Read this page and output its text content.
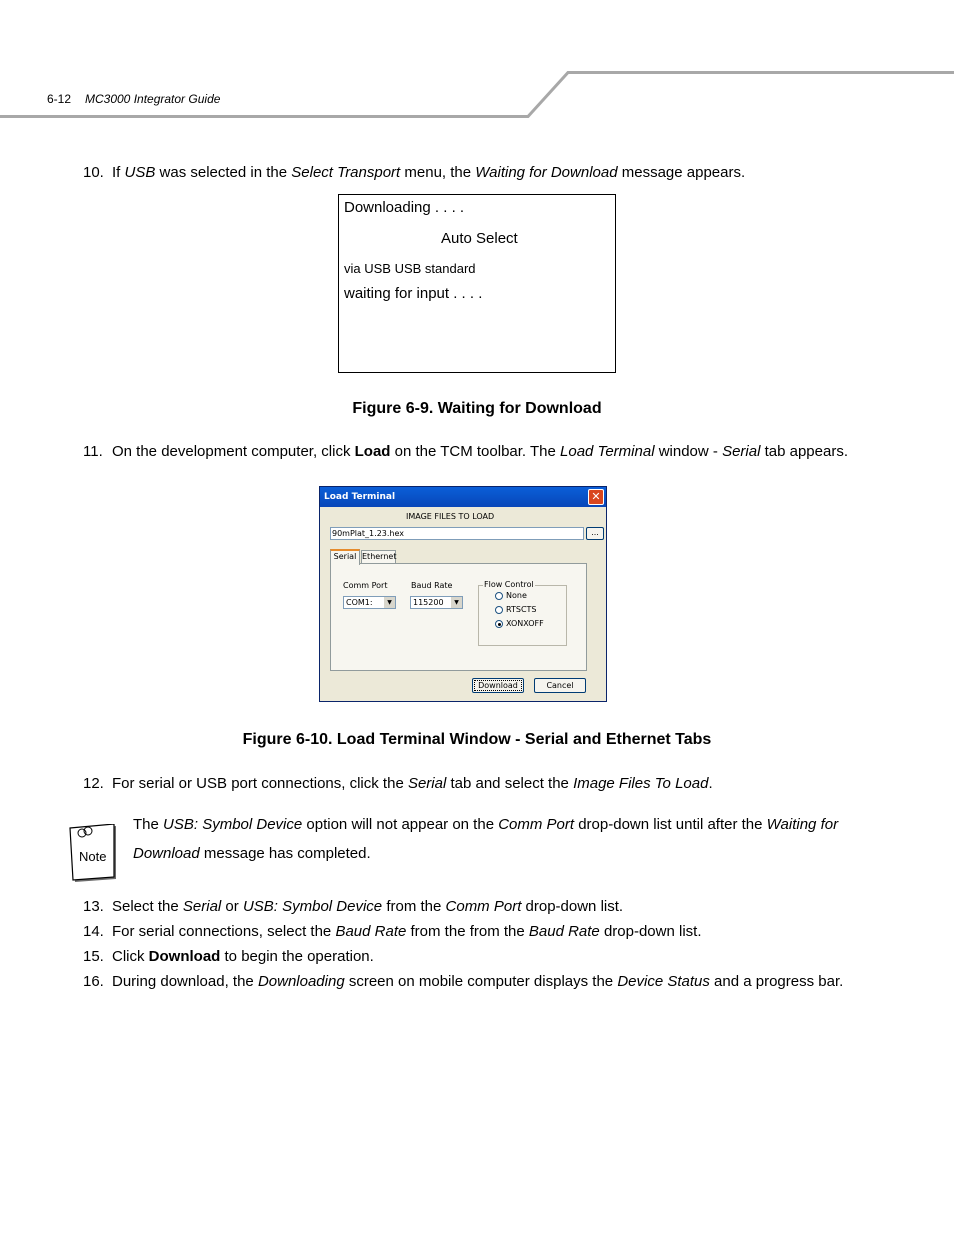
6-12 MC3000 Integrator Guide
10. If USB was selected in the Select Transport menu, the Waiting for Download message appears.
Downloading . . . .
Auto Select
via USB USB standard
waiting for input . . . .
Figure 6-9. Waiting for Download
11. On the development computer, click Load on the TCM toolbar. The Load Terminal window - Serial tab appears.
Load Terminal	✕
IMAGE FILES TO LOAD
90mPlat_1.23.hex	...
Serial Ethernet
Comm Port
COM1:	▼
Baud Rate
115200	▼
Flow Control
None
RTSCTS
XONXOFF
Download	Cancel
Figure 6-10. Load Terminal Window - Serial and Ethernet Tabs
12. For serial or USB port connections, click the Serial tab and select the Image Files To Load.
Note
The USB: Symbol Device option will not appear on the Comm Port drop-down list until after the Waiting for
Download message has completed.
13. Select the Serial or USB: Symbol Device from the Comm Port drop-down list.
14. For serial connections, select the Baud Rate from the from the Baud Rate drop-down list.
15. Click Download to begin the operation.
16. During download, the Downloading screen on mobile computer displays the Device Status and a progress bar.
